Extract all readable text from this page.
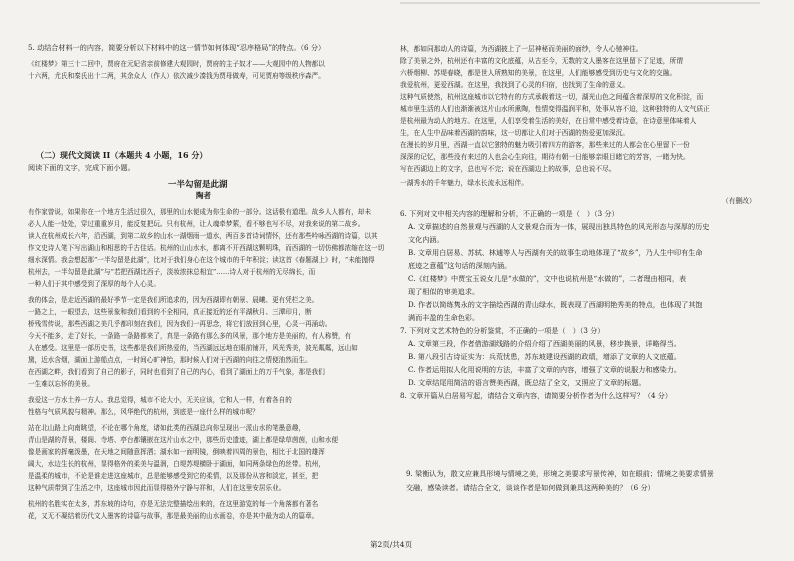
5. 动结合材料一的内容，简要分析以下材料中的这一情节如何体现“忍序格局”的特点。（6 分）
《红楼梦》第三十二回中，贾府在元妃省亲前修建大观园时，贾府的主子奴才——大观园中的人物都以
十六两，尤氏和秦氏出十二两，其余众人（作人）依次减少凑钱为贾母做寿，可见贾府等级秩序森严。
（二）现代文阅读 II（本题共 4 小题，16 分）
阅读下面的文字，完成下面小题。
一半勾留是此湖
陶者
有作家曾说，如果你在一个地方生活过很久，那里的山水便成为你生命的一部分。这话极有道理。故乡人人都有，却未
必人人能一处处，穿过重重岁月，能反复把玩。只有杭州，让人魂牵梦萦，看不够也写不尽，对我来说的第二故乡。
读人在杭州成长六年，沿西湖，到第二故乡的山水一湖烟雨一道水，两百多首诗词情怀，还有那些吟咏西湖的诗篇，以其
作文史诗人笔下写出湖山和相思的千古佳话。杭州的山山水水，都离不开西湖这颗明珠，而西湖的一切仿佛都浓缩在这一切
细水深情。我会想起那“一半勾留是此湖”，比对于我们身心在这个城市的千年积淀；读这首《春题湖上》时，“未能抛得
杭州去，一半勾留是此湖”与“若把西湖比西子，淡妆浓抹总相宜”……诗人对于杭州的无尽绵长，而
一种人们于其中感受到了深厚的每个人心灵。
我的体会，是走近西湖的最好季节一定是我们所追求的，因为西湖即有朝景、晨曦、更有凭栏之美。
一路之上，一眼望去，这些景象和我们看到的不全相同，真正接近的还有平湖秋月、三潭印月，断
桥残雪传说，那些西湖之美几乎都印刻在我们，因为我们一再思念，将它们放回到心里，心灵一再涌动。
今天不能多，走了好长，一条路一条路都来了，真是一条路有那么多的风景，那个地方是美丽的，有人称赞，有
人在感受。这里是一部历史书，这些都是我们所热爱的，当西湖远远地在眼前铺开，风光秀美，波光粼粼，远山如
黛，近水含烟，湖面上游船点点，一时间心旷神怡，那时候人们对于西湖的向往之情便油然而生。
在西湖之畔，我们看到了自己的影子，同时也看到了自己的内心，看到了湖面上的万千气象，那是我们
一生难以忘怀的美景。
我爱这一方水土养一方人。我总觉得，城市不论大小，无关应该，它和人一样，有着各自的
性格与气质风貌与精神。那么，风华绝代的杭州，到底是一座什么样的城市呢？
站在北山路上向南眺望，不论在哪个角度，诸如此类的西湖总向你呈现出一派山水的笔墨意趣，
青山是湖的背景，楼阁、寺塔、亭台都镶嵌在这片山水之中，那些历史遗迹，湖上都是绿草茵茵，山和水便
像是画家的挥毫泼墨，在天地之间随意挥洒；湖水如一面明镜，倒映着四周的景色，相比于北国的雄浑
阔大，水边生长的杭州，显得格外的柔美与温润，白堤苏堤横卧于湖面，如同两条绿色的丝带。杭州，
是温柔的城市，不论是谁走进这座城市，总是能够感受到它的柔情，以及那份从容和淡定，甚至，把
这种气质带到了生活之中，这座城市因此而显得格外宁静与祥和，人们在这里安居乐业。
杭州的名胜实在太多，苏东坡的诗句，亦是无法完整描绘出来的，在这里游览的每一个角落都有著名
花，又无不凝结着历代文人墨客的诗篇与故事，那是最美丽的山水画卷，亦是其中最为动人的篇章。
林，都如同那动人的诗篇，为西湖披上了一层神秘而美丽的面纱，令人心驰神往。
除了美景之外，杭州还有丰富的文化底蕴，从古至今，无数的文人墨客在这里留下了足迹，所谓
六桥烟柳、苏堤春晓，都是世人所熟知的美景，在这里，人们能够感受到历史与文化的交融。
我爱杭州，更爱西湖。在这里，我找到了心灵的归宿，也找到了生命的意义。
这种气质使然，杭州这座城市以它特有的方式承载着这一切，湖光山色之间蕴含着深厚的文化积淀，而
城市里生活的人们也渐渐被这片山水所熏陶，性情变得温润平和，处事从容不迫，这种独特的人文气质正
是杭州最为动人的地方。在这里，人们享受着生活的美好，在日常中感受着诗意，在诗意里体味着人
生，在人生中品味着西湖的韵味，这一切都让人们对于西湖的热爱更加深沉。
在漫长的岁月里，西湖一直以它独特的魅力吸引着四方的游客，那些来过的人都会在心里留下一份
深深的记忆，那些没有来过的人也会心生向往，期待有朝一日能够亲眼目睹它的芳容，一睹为快。
写在西湖边上的文字，总也写不完；说在西湖边上的故事，总也说不尽。
一湖秀水的千年魅力，绿水长流永远相伴。
（有删改）
6. 下列对文中相关内容的理解和分析，不正确的一项是（　）（3 分）
A. 文章描述的自然景观与西湖的人文景观合而为一体，展现出独具特色的风光形态与深厚的历史
文化内涵。
B. 文章用白居易、苏轼、林逋等人与西湖有关的故事生动地体现了“故乡”，乃人生中印有生命
底迹之意蕴”这句话的深刻内涵。
C.《红楼梦》中贾宝玉说女儿是“水做的”，文中也说杭州是“水做的”，二者理由相同，表
现了相似的审美追求。
D. 作者以简练隽永的文字描绘西湖的青山绿水，既表现了西湖明艳秀美的特点，也体现了其饱
满而丰盈的生命色彩。
7. 下列对文艺术特色的分析鉴赏，不正确的一项是（　）（3 分）
A. 文章第三段，作者借游湖线路的介绍介绍了西湖美丽的风景，移步换景，详略得当。
B. 第八段引古诗证实为：兵荒忧患，苏东坡建设西湖的政绩，增添了文章的人文底蕴。
C. 作者运用拟人化用说明的方法，丰富了文章的内容，增强了文章的说服力和感染力。
D. 文章结尾用简洁的语言赞美西湖，既总结了全文，又照应了文章的标题。
8. 文章开篇从白居易写起，请结合文章内容，请简要分析作者为什么这样写？（4 分）
9. 梁衡认为，散文应兼具形境与情境之美，形境之美要求写景传神，如在眼前；情境之美要求情景
交融，感染读者。请结合全文，谈谈作者是如何做到兼具这两种美的？（6 分）
第2页/共4页
